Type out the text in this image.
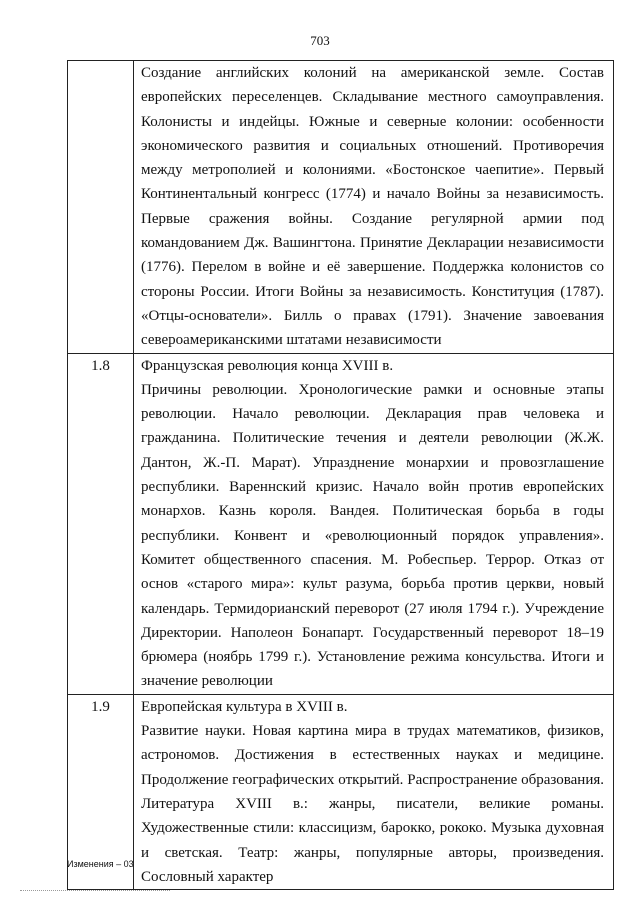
703

	Создание английских колоний на американской земле. Состав европейских переселенцев. Складывание местного самоуправления. Колонисты и индейцы. Южные и северные колонии: особенности экономического развития и социальных отношений. Противоречия между метрополией и колониями. «Бостонское чаепитие». Первый Континентальный конгресс (1774) и начало Войны за независимость. Первые сражения войны. Создание регулярной армии под командованием Дж. Вашингтона. Принятие Декларации независимости (1776). Перелом в войне и её завершение. Поддержка колонистов со стороны России. Итоги Войны за независимость. Конституция (1787). «Отцы-основатели». Билль о правах (1791). Значение завоевания североамериканскими штатами независимости

1.8	Французская революция конца XVIII в.
Причины революции. Хронологические рамки и основные этапы революции. Начало революции. Декларация прав человека и гражданина. Политические течения и деятели революции (Ж.Ж. Дантон, Ж.-П. Марат). Упразднение монархии и провозглашение республики. Вареннский кризис. Начало войн против европейских монархов. Казнь короля. Вандея. Политическая борьба в годы республики. Конвент и «революционный порядок управления». Комитет общественного спасения. М. Робеспьер. Террор. Отказ от основ «старого мира»: культ разума, борьба против церкви, новый календарь. Термидорианский переворот (27 июля 1794 г.). Учреждение Директории. Наполеон Бонапарт. Государственный переворот 18–19 брюмера (ноябрь 1799 г.). Установление режима консульства. Итоги и значение революции

1.9	Европейская культура в XVIII в.
Развитие науки. Новая картина мира в трудах математиков, физиков, астрономов. Достижения в естественных науках и медицине. Продолжение географических открытий. Распространение образования. Литература XVIII в.: жанры, писатели, великие романы. Художественные стили: классицизм, барокко, рококо. Музыка духовная и светская. Театр: жанры, популярные авторы, произведения. Сословный характер
Изменения – 03
